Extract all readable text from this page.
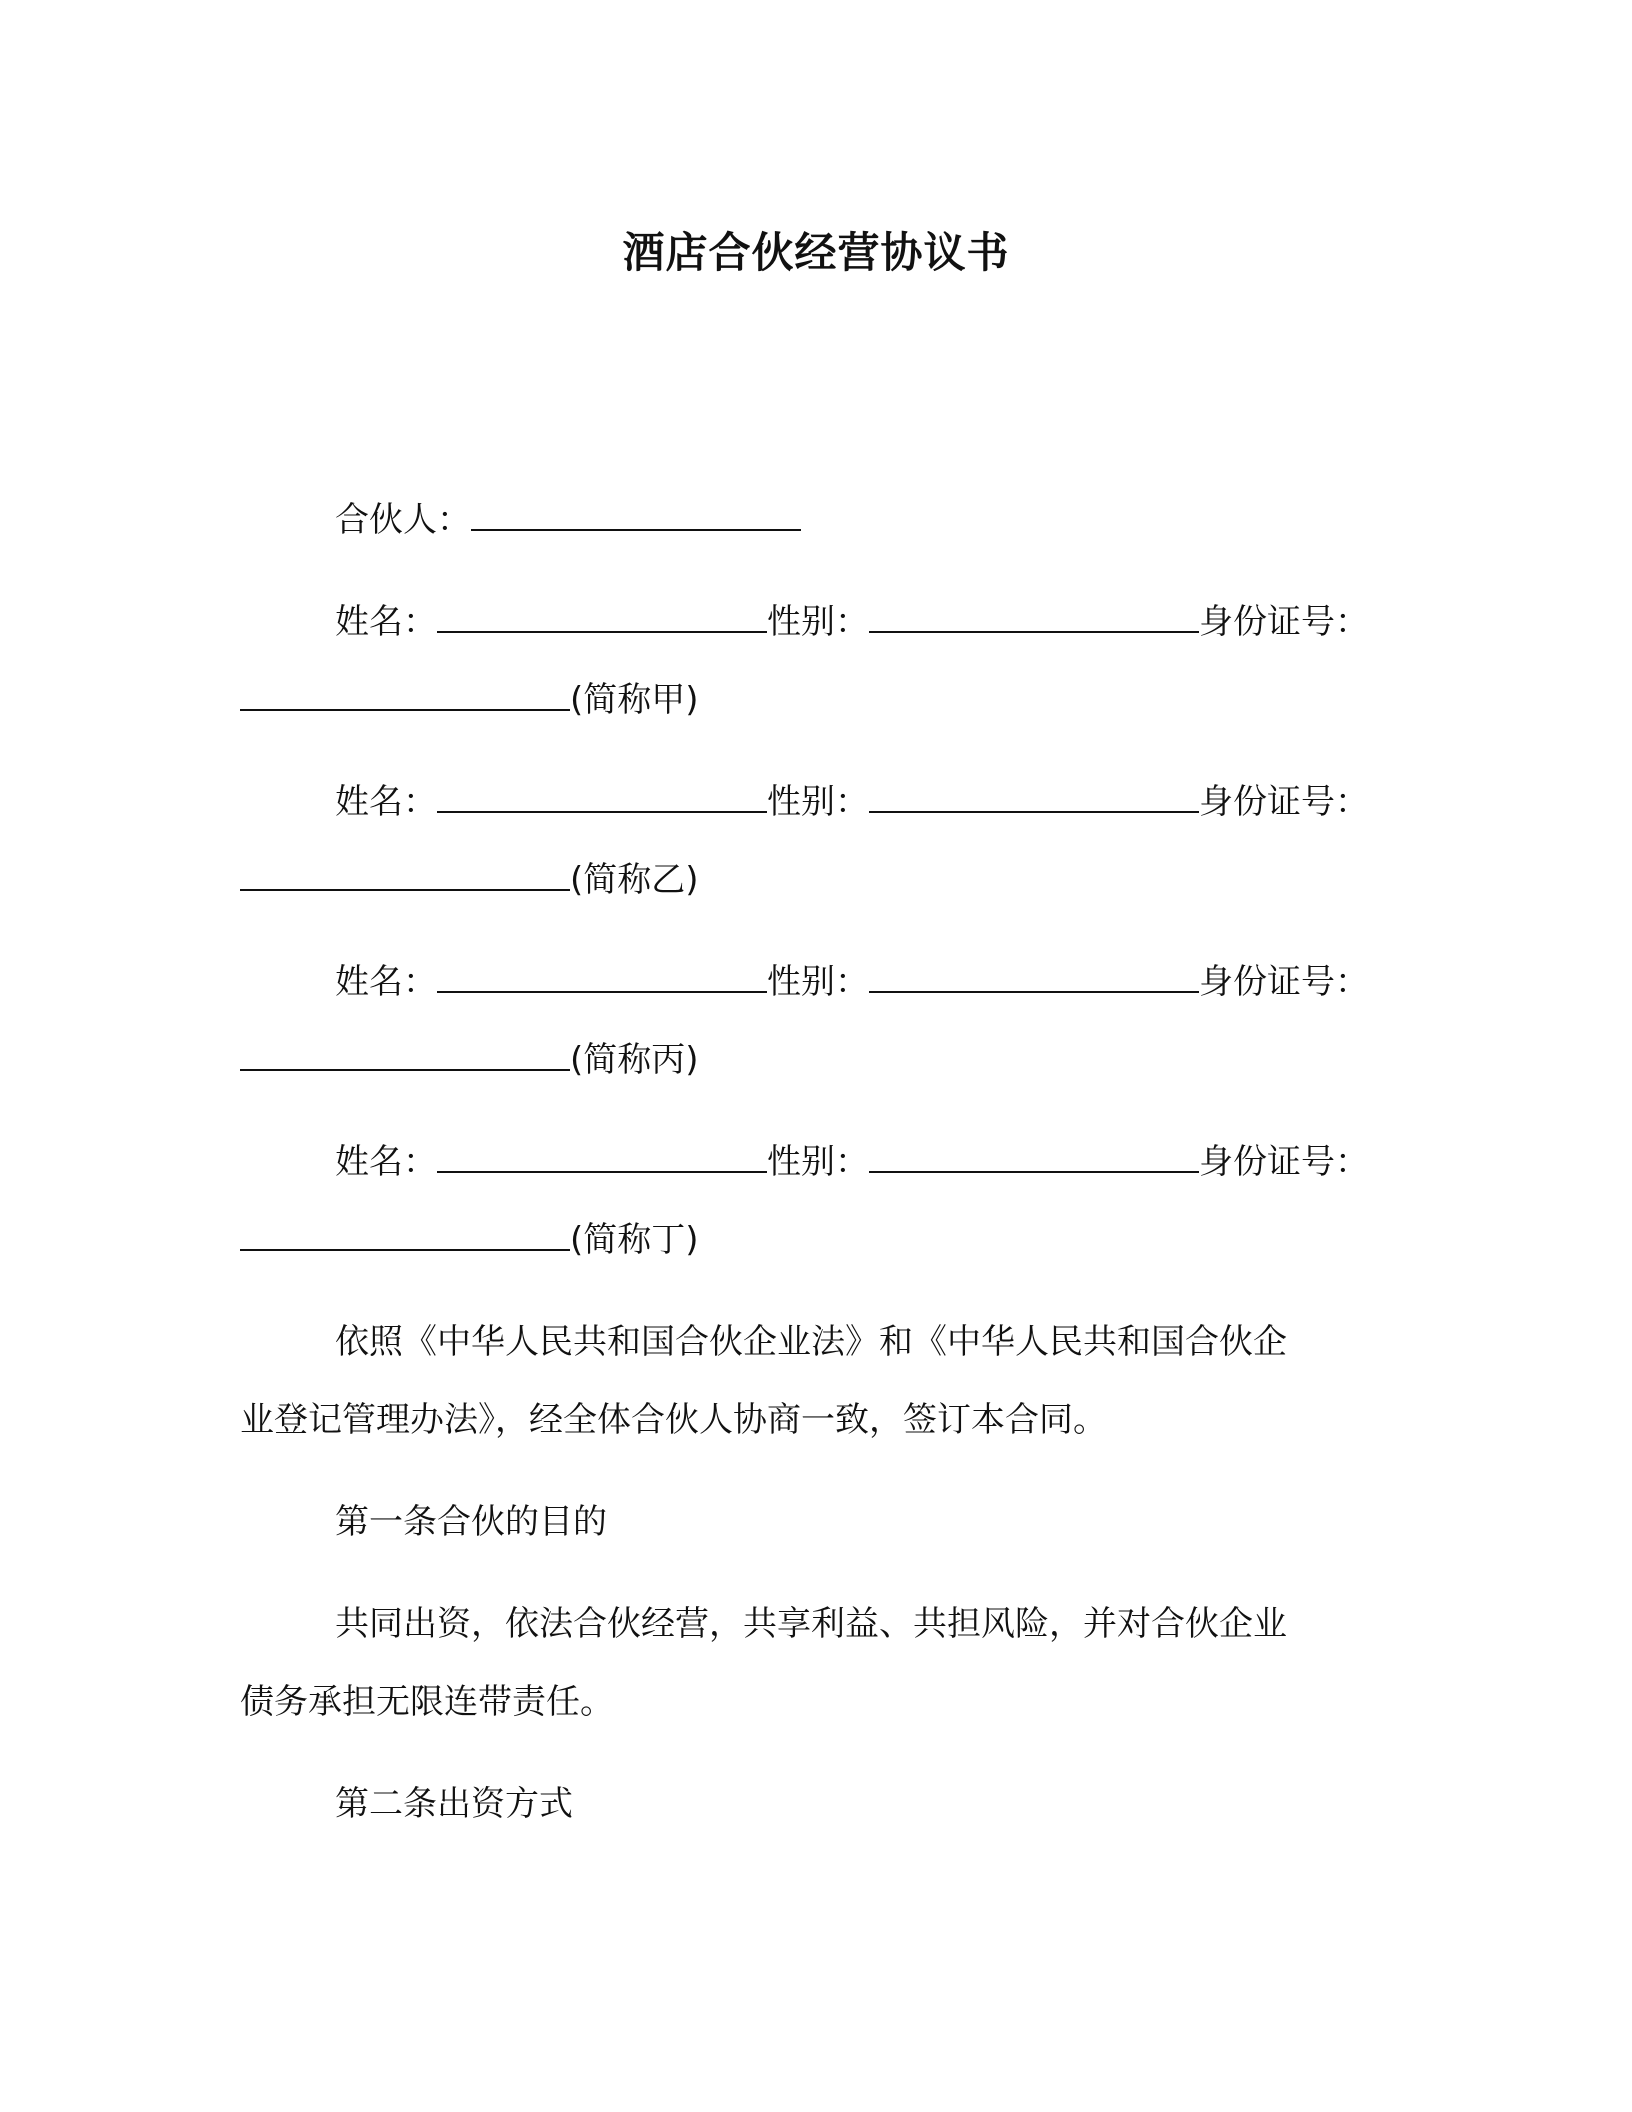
酒店合伙经营协议书
合伙人：
姓名：	性别：	身份证号：
(简称甲)
姓名：	性别：	身份证号：
(简称乙)
姓名：	性别：	身份证号：
(简称丙)
姓名：	性别：	身份证号：
(简称丁)
依照《中华人民共和国合伙企业法》和《中华人民共和国合伙企
业登记管理办法》，经全体合伙人协商一致，签订本合同。
第一条合伙的目的
共同出资，依法合伙经营，共享利益、共担风险，并对合伙企业
债务承担无限连带责任。
第二条出资方式
